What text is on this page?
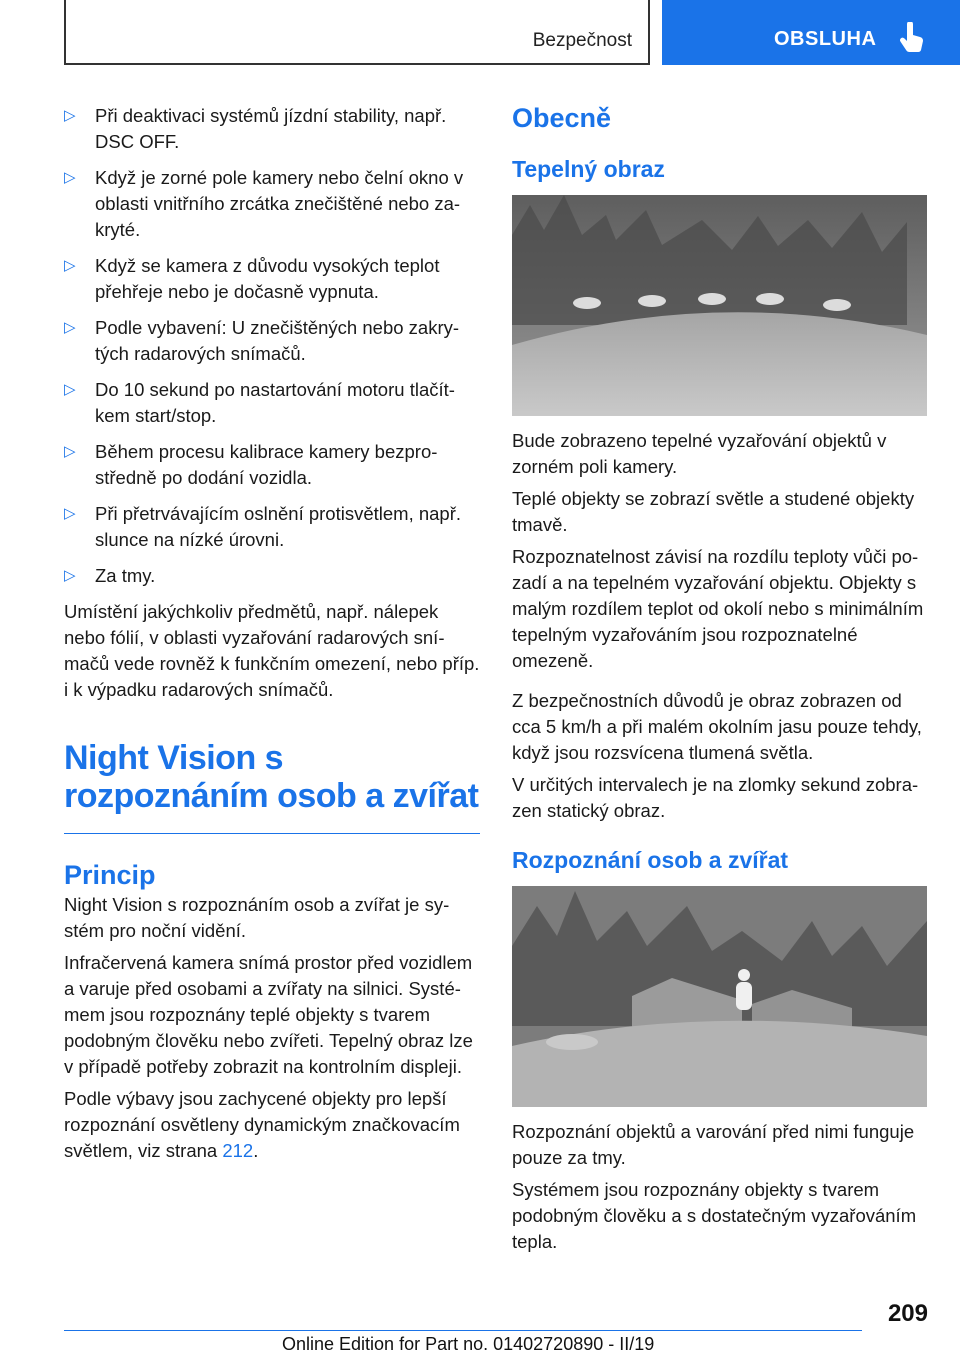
Bezpečnost	OBSLUHA
▷ Při deaktivaci systémů jízdní stability, např. DSC OFF.
▷ Když je zorné pole kamery nebo čelní okno v oblasti vnitřního zrcátka znečištěné nebo zakryté.
▷ Když se kamera z důvodu vysokých teplot přehřeje nebo je dočasně vypnuta.
▷ Podle vybavení: U znečištěných nebo zakrytých radarových snímačů.
▷ Do 10 sekund po nastartování motoru tlačítkem start/stop.
▷ Během procesu kalibrace kamery bezprostředně po dodání vozidla.
▷ Při přetrvávajícím oslnění protisvětlem, např. slunce na nízké úrovni.
▷ Za tmy.

Umístění jakýchkoliv předmětů, např. nálepek nebo fólií, v oblasti vyzařování radarových snímačů vede rovněž k funkčním omezení, nebo příp. i k výpadku radarových snímačů.

Night Vision s rozpoznáním osob a zvířat
Princip

Night Vision s rozpoznáním osob a zvířat je systém pro noční vidění.

Infračervená kamera snímá prostor před vozidlem a varuje před osobami a zvířaty na silnici. Systémem jsou rozpoznány teplé objekty s tvarem podobným člověku nebo zvířeti. Tepelný obraz lze v případě potřeby zobrazit na kontrolním displeji.

Podle výbavy jsou zachycené objekty pro lepší rozpoznání osvětleny dynamickým značkovacím světlem, viz strana 212.

Obecně
Tepelný obraz

Bude zobrazeno tepelné vyzařování objektů v zorném poli kamery.

Teplé objekty se zobrazí světle a studené objekty tmavě.

Rozpoznatelnost závisí na rozdílu teploty vůči pozadí a na tepelném vyzařování objektu. Objekty s malým rozdílem teplot od okolí nebo s minimálním tepelným vyzařováním jsou rozpoznatelné omezeně.

Z bezpečnostních důvodů je obraz zobrazen od cca 5 km/h a při malém okolním jasu pouze tehdy, když jsou rozsvícena tlumená světla.

V určitých intervalech je na zlomky sekund zobrazen statický obraz.

Rozpoznání osob a zvířat

Rozpoznání objektů a varování před nimi funguje pouze za tmy.

Systémem jsou rozpoznány objekty s tvarem podobným člověku a s dostatečným vyzařováním tepla.

209
Online Edition for Part no. 01402720890 - II/19
